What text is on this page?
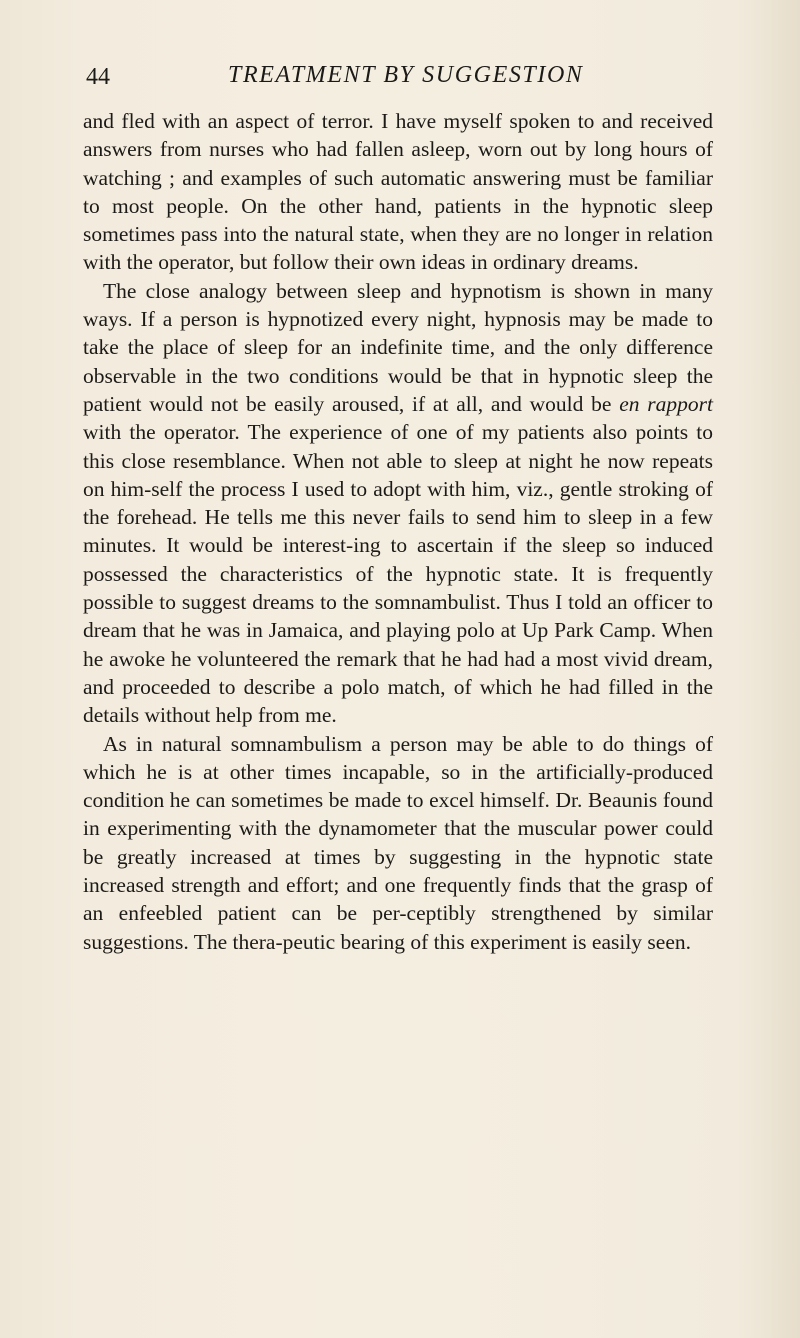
44	TREATMENT BY SUGGESTION

and fled with an aspect of terror. I have myself spoken to and received answers from nurses who had fallen asleep, worn out by long hours of watching ; and examples of such automatic answering must be familiar to most people. On the other hand, patients in the hypnotic sleep sometimes pass into the natural state, when they are no longer in relation with the operator, but follow their own ideas in ordinary dreams.

The close analogy between sleep and hypnotism is shown in many ways. If a person is hypnotized every night, hypnosis may be made to take the place of sleep for an indefinite time, and the only difference observable in the two conditions would be that in hypnotic sleep the patient would not be easily aroused, if at all, and would be en rapport with the operator. The experience of one of my patients also points to this close resemblance. When not able to sleep at night he now repeats on him-self the process I used to adopt with him, viz., gentle stroking of the forehead. He tells me this never fails to send him to sleep in a few minutes. It would be interest-ing to ascertain if the sleep so induced possessed the characteristics of the hypnotic state. It is frequently possible to suggest dreams to the somnambulist. Thus I told an officer to dream that he was in Jamaica, and playing polo at Up Park Camp. When he awoke he volunteered the remark that he had had a most vivid dream, and proceeded to describe a polo match, of which he had filled in the details without help from me.

As in natural somnambulism a person may be able to do things of which he is at other times incapable, so in the artificially-produced condition he can sometimes be made to excel himself. Dr. Beaunis found in experimenting with the dynamometer that the muscular power could be greatly increased at times by suggesting in the hypnotic state increased strength and effort; and one frequently finds that the grasp of an enfeebled patient can be per-ceptibly strengthened by similar suggestions. The thera-peutic bearing of this experiment is easily seen.
